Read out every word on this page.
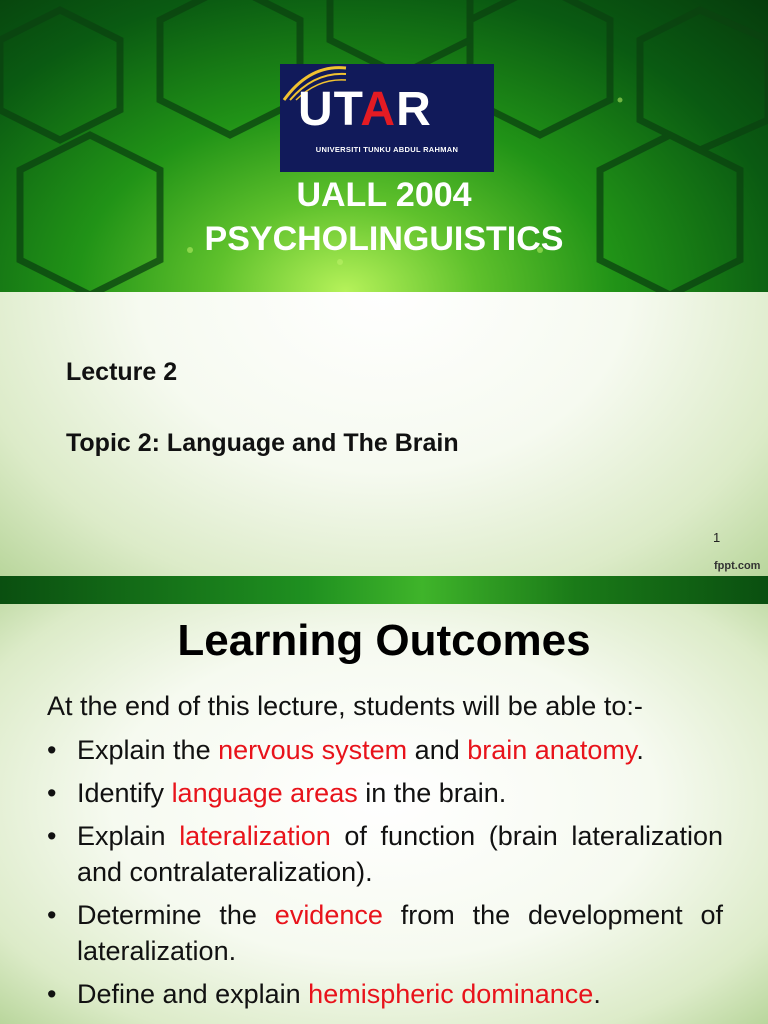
UTAR
UNIVERSITI TUNKU ABDUL RAHMAN
UALL 2004
PSYCHOLINGUISTICS
Lecture 2
Topic 2: Language and The Brain
1
fppt.com
Learning Outcomes
At the end of this lecture, students will be able to:-
• Explain the nervous system and brain anatomy.
• Identify language areas in the brain.
• Explain lateralization of function (brain lateralization and contralateralization).
• Determine the evidence from the development of lateralization.
• Define and explain hemispheric dominance.
